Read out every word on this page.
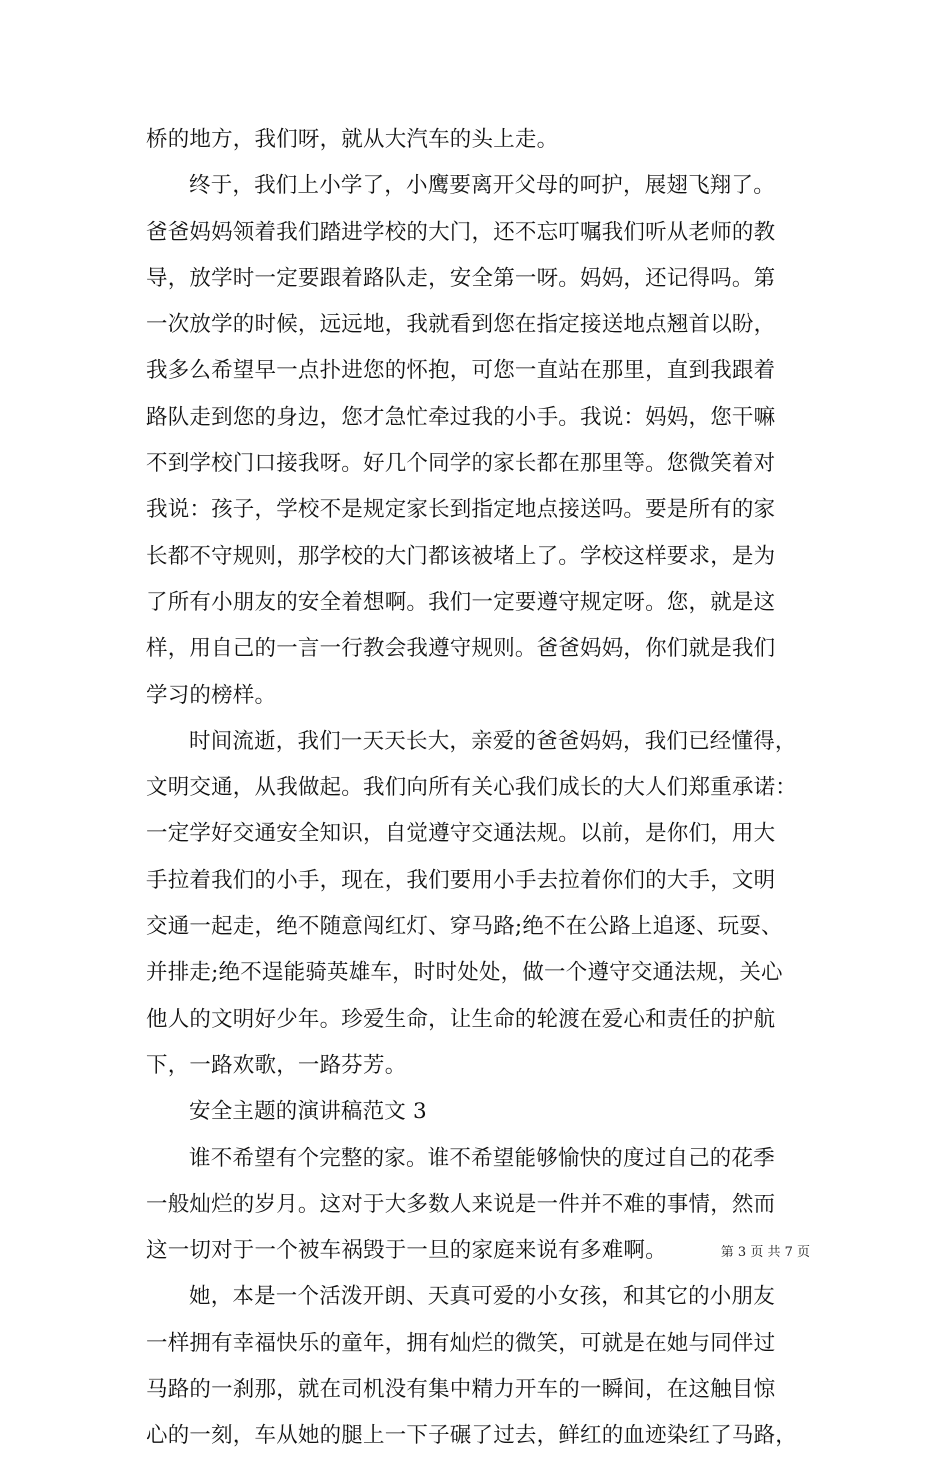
桥的地方，我们呀，就从大汽车的头上走。
终于，我们上小学了，小鹰要离开父母的呵护，展翅飞翔了。
爸爸妈妈领着我们踏进学校的大门，还不忘叮嘱我们听从老师的教
导，放学时一定要跟着路队走，安全第一呀。妈妈，还记得吗。第
一次放学的时候，远远地，我就看到您在指定接送地点翘首以盼，
我多么希望早一点扑进您的怀抱，可您一直站在那里，直到我跟着
路队走到您的身边，您才急忙牵过我的小手。我说：妈妈，您干嘛
不到学校门口接我呀。好几个同学的家长都在那里等。您微笑着对
我说：孩子，学校不是规定家长到指定地点接送吗。要是所有的家
长都不守规则，那学校的大门都该被堵上了。学校这样要求，是为
了所有小朋友的安全着想啊。我们一定要遵守规定呀。您，就是这
样，用自己的一言一行教会我遵守规则。爸爸妈妈，你们就是我们
学习的榜样。
时间流逝，我们一天天长大，亲爱的爸爸妈妈，我们已经懂得，
文明交通，从我做起。我们向所有关心我们成长的大人们郑重承诺：
一定学好交通安全知识，自觉遵守交通法规。以前，是你们，用大
手拉着我们的小手，现在，我们要用小手去拉着你们的大手，文明
交通一起走，绝不随意闯红灯、穿马路;绝不在公路上追逐、玩耍、
并排走;绝不逞能骑英雄车，时时处处，做一个遵守交通法规，关心
他人的文明好少年。珍爱生命，让生命的轮渡在爱心和责任的护航
下，一路欢歌，一路芬芳。
安全主题的演讲稿范文 3
谁不希望有个完整的家。谁不希望能够愉快的度过自己的花季
一般灿烂的岁月。这对于大多数人来说是一件并不难的事情，然而
这一切对于一个被车祸毁于一旦的家庭来说有多难啊。
她，本是一个活泼开朗、天真可爱的小女孩，和其它的小朋友
一样拥有幸福快乐的童年，拥有灿烂的微笑，可就是在她与同伴过
马路的一刹那，就在司机没有集中精力开车的一瞬间，在这触目惊
心的一刻，车从她的腿上一下子碾了过去，鲜红的血迹染红了马路，
第 3 页 共 7 页
